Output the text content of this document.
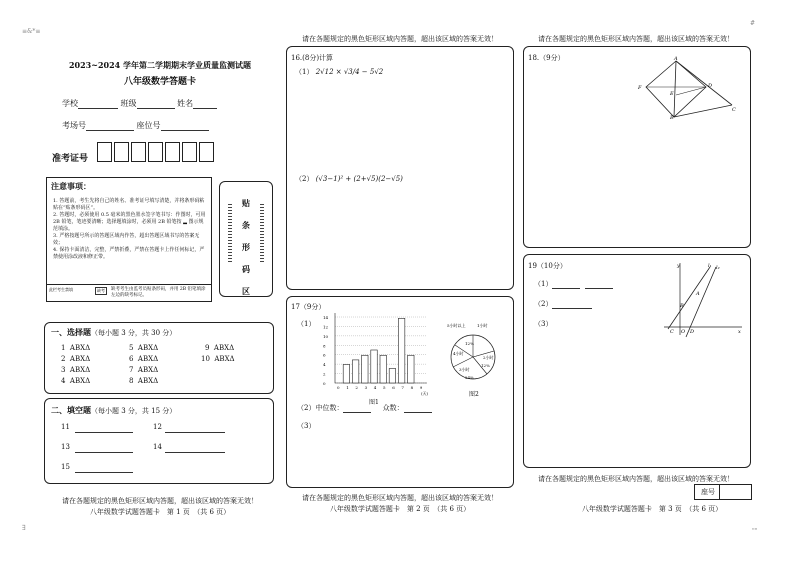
≡&*≡
#
∃	""
2023~2024 学年第二学期期末学业质量监测试题
八年级数学答题卡
学校	班级	姓名
考场号	座位号
准考证号
注意事项：
1. 答题前，考生先将自己的姓名、准考证号填写清楚，并将条形码粘贴在“贴条形码区”。
2. 答题时，必须使用 0.5 毫米的黑色墨水签字笔书写：作图时，可用 2B 铅笔，笔迹要清晰；选择题填涂时，必须用 2B 铅笔按 ▂ 图示规范填涂。
3. 严格按题号所示的答题区域内作答，超出答题区域书写的答案无效；
4. 保持卡面清洁，完整，严禁折叠，严禁在答题卡上作任何标记，严禁使用涂改液和修正带。
此栏考生禁填	缺考	缺考考生由监考员贴条形码，并用 2B 铅笔填涂左边的缺考标记。
贴
条
形
码
区
一、选择题（每小题 3 分，共 30 分）
1 ABXΔ
2 ABXΔ
3 ABXΔ
4 ABXΔ
5 ABXΔ
6 ABXΔ
7 ABXΔ
8 ABXΔ
9 ABXΔ
10 ABXΔ
二、填空题（每小题 3 分，共 15 分）
11	12
13	14
15
请在各题规定的黑色矩形区域内答题，超出该区域的答案无效！
八年级数学试题答题卡　第 1 页　（共 6 页）
请在各题规定的黑色矩形区域内答题，超出该区域的答案无效！
16.(8分)计算
（1） 2√12 × √3/4 − 5√2
（2） (√3−1)² + (2+√5)(2−√5)
17（9分）
（1）
0
2
4
6
8
10
12
14
0 1 2 3 4 5 6 7 8 9
(天)
图1
5小时以上	1小时
2小时
3小时
4小时
12%
12%
24%
图2
（2）中位数：	众数：
（3）
请在各题规定的黑色矩形区域内答题，超出该区域的答案无效！
八年级数学试题答题卡　第 2 页　（共 6 页）
请在各题规定的黑色矩形区域内答题，超出该区域的答案无效！
18.（9分）	A
F
E
D
C
B
19（10分）
（1）
（2）
（3）
y	l₁ l₂
B
A
C O D	x
请在各题规定的黑色矩形区域内答题，超出该区域的答案无效！
座号
八年级数学试题答题卡　第 3 页　（共 6 页）
